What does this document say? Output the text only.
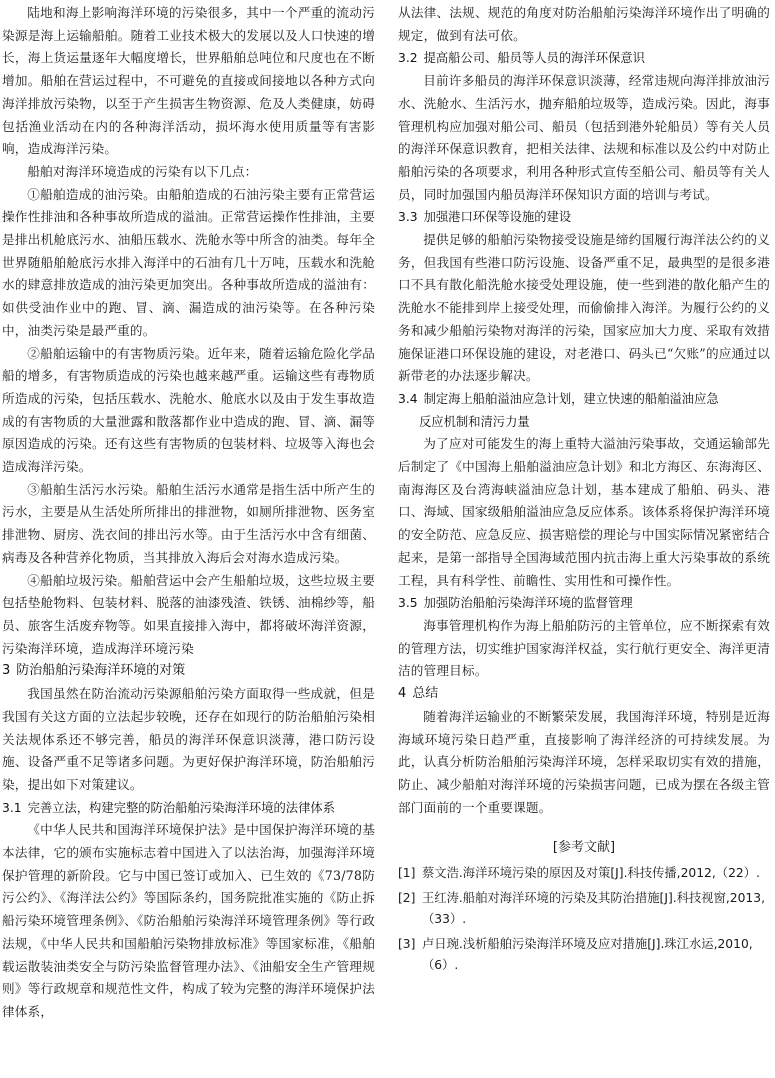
陆地和海上影响海洋环境的污染很多，其中一个严重的流动污染源是海上运输船舶。随着工业技术极大的发展以及人口快速的增长，海上货运量逐年大幅度增长，世界船舶总吨位和尺度也在不断增加。船舶在营运过程中，不可避免的直接或间接地以各种方式向海洋排放污染物，以至于产生损害生物资源、危及人类健康，妨碍包括渔业活动在内的各种海洋活动，损坏海水使用质量等有害影响，造成海洋污染。

船舶对海洋环境造成的污染有以下几点：

①船舶造成的油污染。由船舶造成的石油污染主要有正常营运操作性排油和各种事故所造成的溢油。正常营运操作性排油，主要是排出机舱底污水、油船压载水、洗舱水等中所含的油类。每年全世界随船舶舱底污水排入海洋中的石油有几十万吨，压载水和洗舱水的肆意排放造成的油污染更加突出。各种事故所造成的溢油有：如供受油作业中的跑、冒、滴、漏造成的油污染等。在各种污染中，油类污染是最严重的。

②船舶运输中的有害物质污染。近年来，随着运输危险化学品船的增多，有害物质造成的污染也越来越严重。运输这些有毒物质所造成的污染，包括压载水、洗舱水、舱底水以及由于发生事故造成的有害物质的大量泄露和散落都作业中造成的跑、冒、滴、漏等原因造成的污染。还有这些有害物质的包装材料、垃圾等入海也会造成海洋污染。

③船舶生活污水污染。船舶生活污水通常是指生活中所产生的污水，主要是从生活处所所排出的排泄物，如厕所排泄物、医务室排泄物、厨房、洗衣间的排出污水等。由于生活污水中含有细菌、病毒及各种营养化物质，当其排放入海后会对海水造成污染。

④船舶垃圾污染。船舶营运中会产生船舶垃圾，这些垃圾主要包括垫舱物料、包装材料、脱落的油漆残渣、铁锈、油棉纱等，船员、旅客生活废弃物等。如果直接排入海中，都将破坏海洋资源，污染海洋环境，造成海洋环境污染

3 防治船舶污染海洋环境的对策

我国虽然在防治流动污染源船舶污染方面取得一些成就，但是我国有关这方面的立法起步较晚，还存在如现行的防治船舶污染相关法规体系还不够完善，船员的海洋环保意识淡薄，港口防污设施、设备严重不足等诸多问题。为更好保护海洋环境，防治船舶污染，提出如下对策建议。

3.1 完善立法，构建完整的防治船舶污染海洋环境的法律体系

《中华人民共和国海洋环境保护法》是中国保护海洋环境的基本法律，它的颁布实施标志着中国进入了以法治海，加强海洋环境保护管理的新阶段。它与中国已签订或加入、已生效的《73/78防污公约》、《海洋法公约》等国际条约，国务院批准实施的《防止拆船污染环境管理条例》、《防治船舶污染海洋环境管理条例》等行政法规，《中华人民共和国船舶污染物排放标准》等国家标准，《船舶载运散装油类安全与防污染监督管理办法》、《油船安全生产管理规则》等行政规章和规范性文件，构成了较为完整的海洋环境保护法律体系，

从法律、法规、规范的角度对防治船舶污染海洋环境作出了明确的规定，做到有法可依。

3.2 提高船公司、船员等人员的海洋环保意识

目前许多船员的海洋环保意识淡薄，经常违规向海洋排放油污水、洗舱水、生活污水，抛弃船舶垃圾等，造成污染。因此，海事管理机构应加强对船公司、船员（包括到港外轮船员）等有关人员的海洋环保意识教育，把相关法律、法规和标准以及公约中对防止船舶污染的各项要求，利用各种形式宣传至船公司、船员等有关人员，同时加强国内船员海洋环保知识方面的培训与考试。

3.3 加强港口环保等设施的建设

提供足够的船舶污染物接受设施是缔约国履行海洋法公约的义务，但我国有些港口防污设施、设备严重不足，最典型的是很多港口不具有散化船洗舱水接受处理设施，使一些到港的散化船产生的洗舱水不能排到岸上接受处理，而偷偷排入海洋。为履行公约的义务和减少船舶污染物对海洋的污染，国家应加大力度、采取有效措施保证港口环保设施的建设，对老港口、码头已“欠账”的应通过以新带老的办法逐步解决。

3.4 制定海上船舶溢油应急计划，建立快速的船舶溢油应急
反应机制和清污力量

为了应对可能发生的海上重特大溢油污染事故，交通运输部先后制定了《中国海上船舶溢油应急计划》和北方海区、东海海区、南海海区及台湾海峡溢油应急计划，基本建成了船舶、码头、港口、海域、国家级船舶溢油应急反应体系。该体系将保护海洋环境的安全防范、应急反应、损害赔偿的理论与中国实际情况紧密结合起来，是第一部指导全国海域范围内抗击海上重大污染事故的系统工程，具有科学性、前瞻性、实用性和可操作性。

3.5 加强防治船舶污染海洋环境的监督管理

海事管理机构作为海上船舶防污的主管单位，应不断探索有效的管理方法，切实维护国家海洋权益，实行航行更安全、海洋更清洁的管理目标。

4 总结

随着海洋运输业的不断繁荣发展，我国海洋环境，特别是近海海域环境污染日趋严重，直接影响了海洋经济的可持续发展。为此，认真分析防治船舶污染海洋环境，怎样采取切实有效的措施，防止、减少船舶对海洋环境的污染损害问题，已成为摆在各级主管部门面前的一个重要课题。

[参考文献]
[1] 蔡文浩.海洋环境污染的原因及对策[J].科技传播,2012,（22）.
[2] 王红涛.船舶对海洋环境的污染及其防治措施[J].科技视窗,2013,（33）.
[3] 卢日琬.浅析船舶污染海洋环境及应对措施[J].珠江水运,2010,（6）.
